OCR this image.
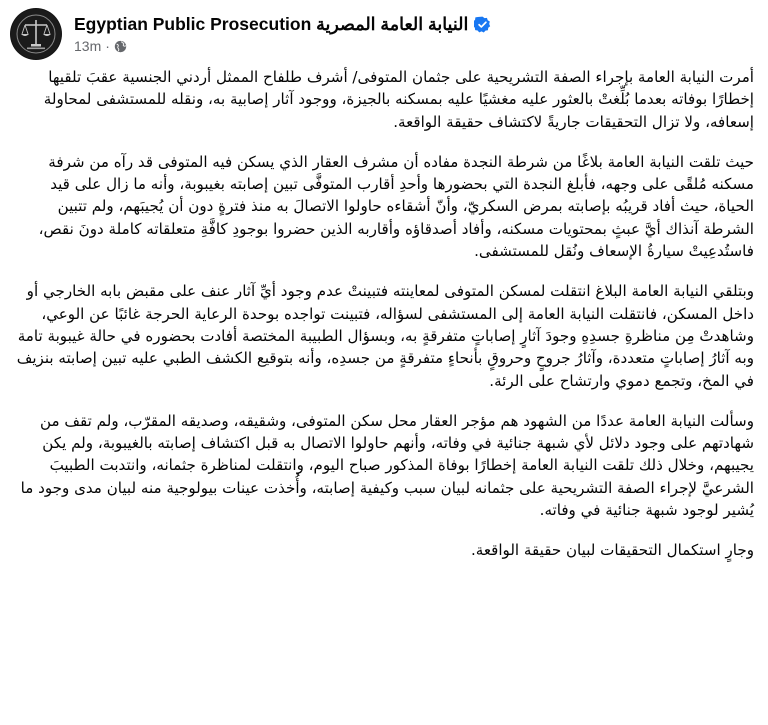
Egyptian Public Prosecution النيابة العامة المصرية
13m ·

أمرت النيابة العامة بإجراء الصفة التشريحية على جثمان المتوفى/ أشرف طلفاح الممثل أردني الجنسية عقبَ تلقيها إخطارًا بوفاته بعدما بُلِّغتْ بالعثور عليه مغشيًا عليه بمسكنه بالجيزة، ووجود آثار إصابية به، ونقله للمستشفى لمحاولة إسعافه، ولا تزال التحقيقات جاريةً لاكتشاف حقيقة الواقعة.

حيث تلقت النيابة العامة بلاغًا من شرطة النجدة مفاده أن مشرف العقار الذي يسكن فيه المتوفى قد رآه من شرفة مسكنه مُلقًى على وجهه، فأبلغ النجدة التي بحضورها وأحدِ أقارب المتوفَّى تبين إصابته بغيبوبة، وأنه ما زال على قيد الحياة، حيث أفاد قريبُه بإصابته بمرض السكريّ، وأنّ أشقاءه حاولوا الاتصالَ به منذ فترةٍ دون أن يُجيبَهم، ولم تتبين الشرطة آنذاك أيَّ عبثٍ بمحتويات مسكنه، وأفاد أصدقاؤه وأقاربه الذين حضروا بوجودِ كافَّةِ متعلقاته كاملة دونَ نقص، فاستُدعِيتْ سيارةُ الإسعاف ونُقل للمستشفى.

وبتلقي النيابة العامة البلاغ انتقلت لمسكن المتوفى لمعاينته فتبينتْ عدم وجود أيِّ آثار عنف على مقبض بابه الخارجي أو داخل المسكن، فانتقلت النيابة العامة إلى المستشفى لسؤاله، فتبينت تواجده بوحدة الرعاية الحرجة غائبًا عن الوعي، وشاهدتْ مِن مناظرةِ جسدِهِ وجودَ آثارٍ إصاباتٍ متفرقةٍ به، وبسؤال الطبيبة المختصة أفادت بحضوره في حالة غيبوبة تامة وبه آثارُ إصاباتٍ متعددة، وآثارُ جروحٍ وحروقٍ بأنحاءٍ متفرقةٍ من جسدِه، وأنه بتوقيع الكشف الطبي عليه تبين إصابته بنزيف في المخ، وتجمع دموي وارتشاح على الرئة.

وسألت النيابة العامة عددًا من الشهود هم مؤجر العقار محل سكن المتوفى، وشقيقه، وصديقه المقرّب، ولم تقف من شهادتهم على وجود دلائل لأي شبهة جنائية في وفاته، وأنهم حاولوا الاتصال به قبل اكتشاف إصابته بالغيبوبة، ولم يكن يجيبهم، وخلال ذلك تلقت النيابة العامة إخطارًا بوفاة المذكور صباح اليوم، وانتقلت لمناظرة جثمانه، وانتدبت الطبيبَ الشرعيَّ لإجراء الصفة التشريحية على جثمانه لبيان سبب وكيفية إصابته، وأُخذت عينات بيولوجية منه لبيان مدى وجود ما يُشير لوجود شبهة جنائية في وفاته.

وجارٍ استكمال التحقيقات لبيان حقيقة الواقعة.
